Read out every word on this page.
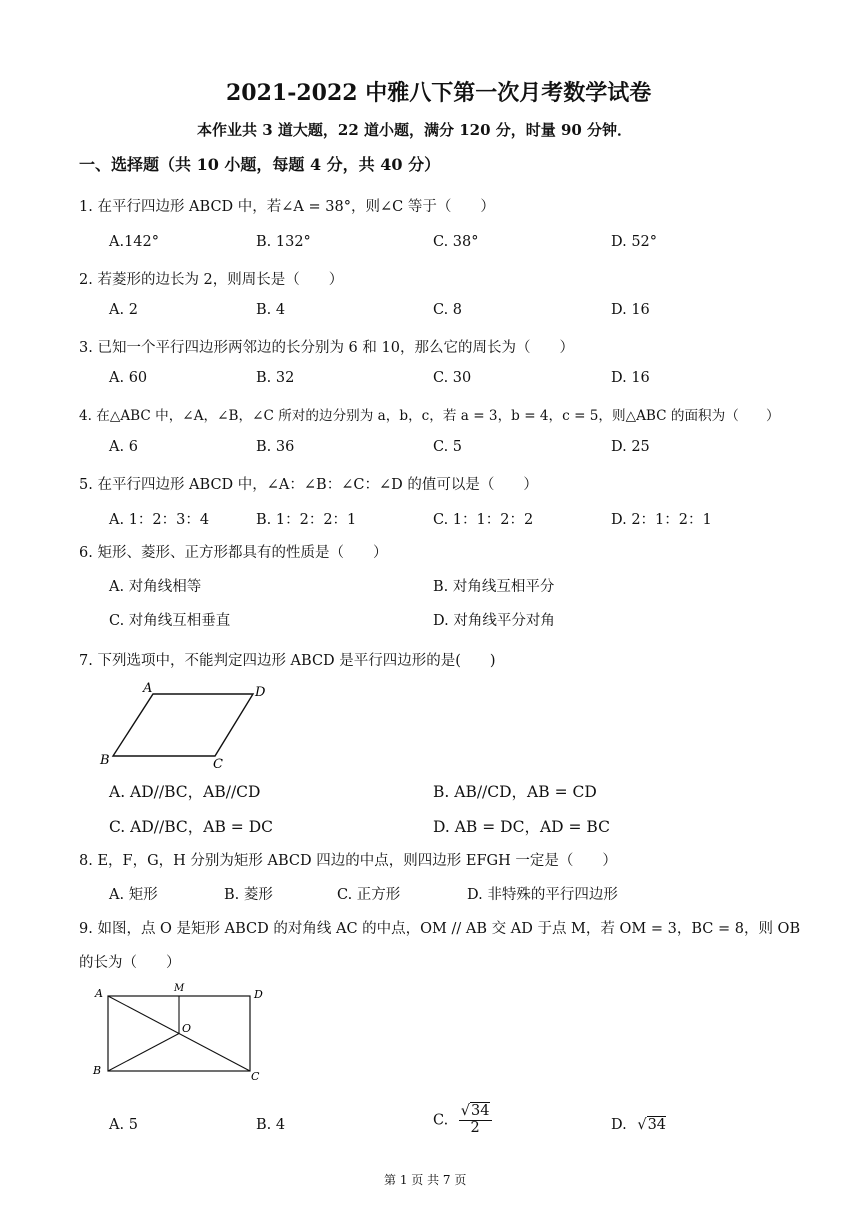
2021-2022 中雅八下第一次月考数学试卷
本作业共 3 道大题，22 道小题，满分 120 分，时量 90 分钟．
一、选择题（共 10 小题，每题 4 分，共 40 分）
1. 在平行四边形 ABCD 中，若∠A = 38°，则∠C 等于（　　）
A.142°	B. 132°	C. 38°	D. 52°
2. 若菱形的边长为 2，则周长是（　　）
A. 2	B. 4	C. 8	D. 16
3. 已知一个平行四边形两邻边的长分别为 6 和 10，那么它的周长为（　　）
A. 60	B. 32	C. 30	D. 16
4. 在△ABC 中，∠A，∠B，∠C 所对的边分别为 a，b，c，若 a = 3，b = 4，c = 5，则△ABC 的面积为（　　）
A. 6	B. 36	C. 5	D. 25
5. 在平行四边形 ABCD 中，∠A：∠B：∠C：∠D 的值可以是（　　）
A. 1：2：3：4	B. 1：2：2：1	C. 1：1：2：2	D. 2：1：2：1
6. 矩形、菱形、正方形都具有的性质是（　　）
A. 对角线相等	B. 对角线互相平分
C. 对角线互相垂直	D. 对角线平分对角
7. 下列选项中，不能判定四边形 ABCD 是平行四边形的是(　　)
A	D
B	C
A. AD//BC，AB//CD	B. AB//CD，AB = CD
C. AD//BC，AB = DC	D. AB = DC，AD = BC
8. E，F，G，H 分别为矩形 ABCD 四边的中点，则四边形 EFGH 一定是（　　）
A. 矩形	B. 菱形	C. 正方形	D. 非特殊的平行四边形
9. 如图，点 O 是矩形 ABCD 的对角线 AC 的中点，OM // AB 交 AD 于点 M，若 OM = 3，BC = 8，则 OB
的长为（　　）
A	M	D
O
B	C
A. 5	B. 4	C. $\frac{√34}{2}$	D. √34
第 1 页 共 7 页
